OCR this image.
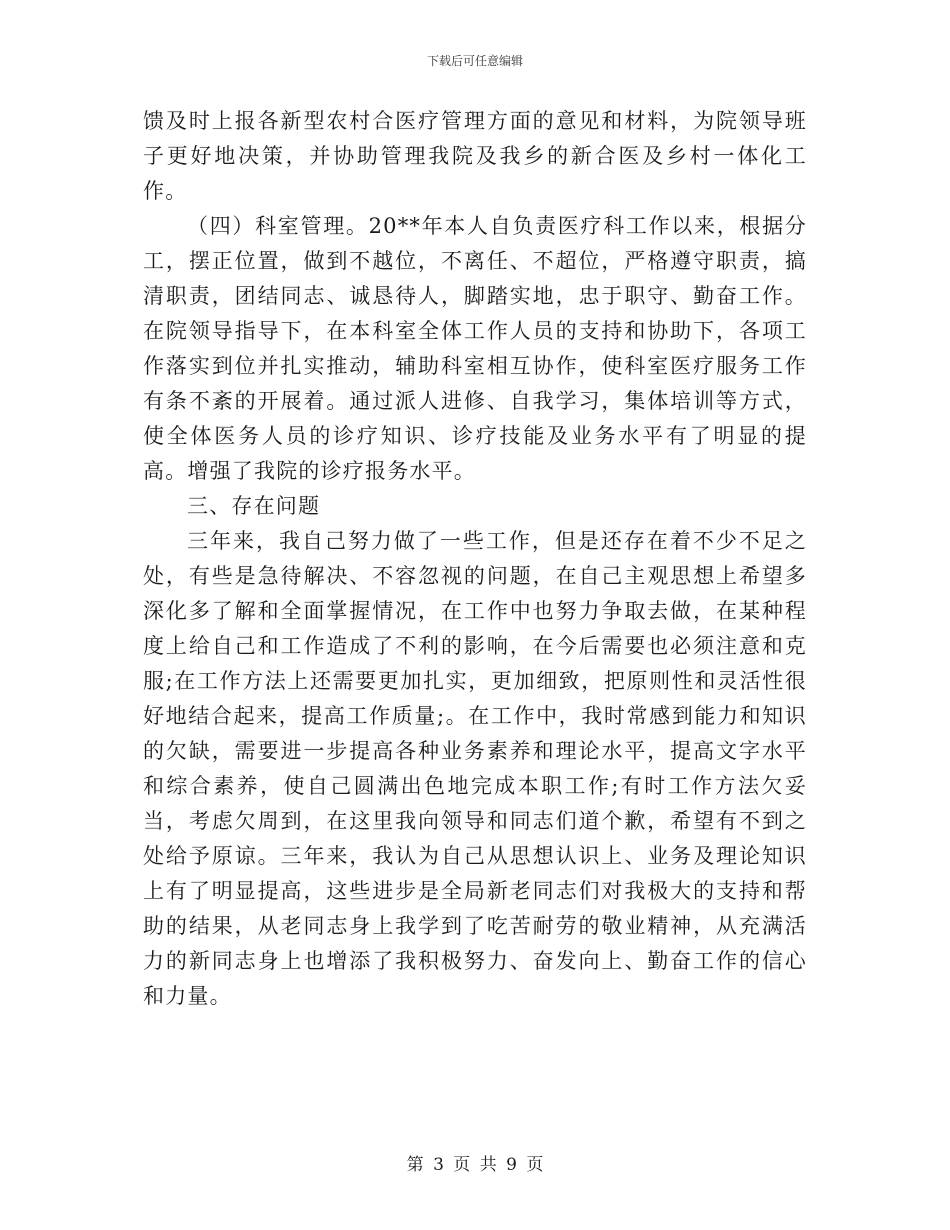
下载后可任意编辑

馈及时上报各新型农村合医疗管理方面的意见和材料，为院领导班子更好地决策，并协助管理我院及我乡的新合医及乡村一体化工作。

（四）科室管理。20**年本人自负责医疗科工作以来，根据分工，摆正位置，做到不越位，不离任、不超位，严格遵守职责，搞清职责，团结同志、诚恳待人，脚踏实地，忠于职守、勤奋工作。在院领导指导下，在本科室全体工作人员的支持和协助下，各项工作落实到位并扎实推动，辅助科室相互协作，使科室医疗服务工作有条不紊的开展着。通过派人进修、自我学习，集体培训等方式，使全体医务人员的诊疗知识、诊疗技能及业务水平有了明显的提高。增强了我院的诊疗报务水平。

三、存在问题

三年来，我自己努力做了一些工作，但是还存在着不少不足之处，有些是急待解决、不容忽视的问题，在自己主观思想上希望多深化多了解和全面掌握情况，在工作中也努力争取去做，在某种程度上给自己和工作造成了不利的影响，在今后需要也必须注意和克服;在工作方法上还需要更加扎实，更加细致，把原则性和灵活性很好地结合起来，提高工作质量;。在工作中，我时常感到能力和知识的欠缺，需要进一步提高各种业务素养和理论水平，提高文字水平和综合素养，使自己圆满出色地完成本职工作;有时工作方法欠妥当，考虑欠周到，在这里我向领导和同志们道个歉，希望有不到之处给予原谅。三年来，我认为自己从思想认识上、业务及理论知识上有了明显提高，这些进步是全局新老同志们对我极大的支持和帮助的结果，从老同志身上我学到了吃苦耐劳的敬业精神，从充满活力的新同志身上也增添了我积极努力、奋发向上、勤奋工作的信心和力量。

第 3 页 共 9 页
